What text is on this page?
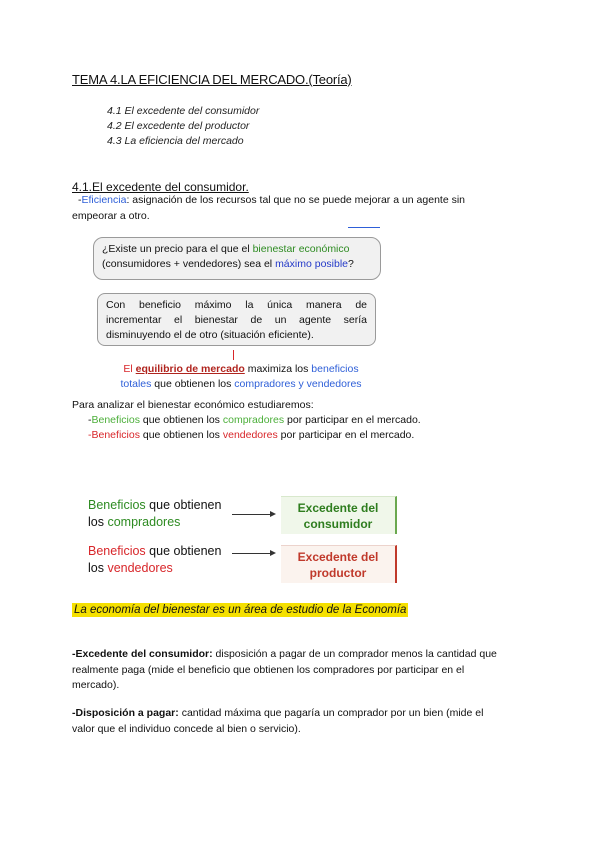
TEMA 4.LA EFICIENCIA DEL MERCADO.(Teoría)
4.1 El excedente del consumidor
4.2 El excedente del productor
4.3 La eficiencia del mercado
4.1.El excedente del consumidor.
-Eficiencia: asignación de los recursos tal que no se puede mejorar a un agente sin
empeorar a otro.
¿Existe un precio para el que el bienestar económico
(consumidores + vendedores) sea el máximo posible?
Con beneficio máximo la única manera de
incrementar el bienestar de un agente sería
disminuyendo el de otro (situación eficiente).
El equilibrio de mercado maximiza los beneficios
totales que obtienen los compradores y vendedores
Para analizar el bienestar económico estudiaremos:
-Beneficios que obtienen los compradores por participar en el mercado.
-Beneficios que obtienen los vendedores por participar en el mercado.
Beneficios que obtienen
los compradores
Excedente del
consumidor
Beneficios que obtienen
los vendedores
Excedente del
productor
La economía del bienestar es un área de estudio de la Economía
-Excedente del consumidor: disposición a pagar de un comprador menos la cantidad que
realmente paga (mide el beneficio que obtienen los compradores por participar en el
mercado).
-Disposición a pagar: cantidad máxima que pagaría un comprador por un bien (mide el
valor que el individuo concede al bien o servicio).
